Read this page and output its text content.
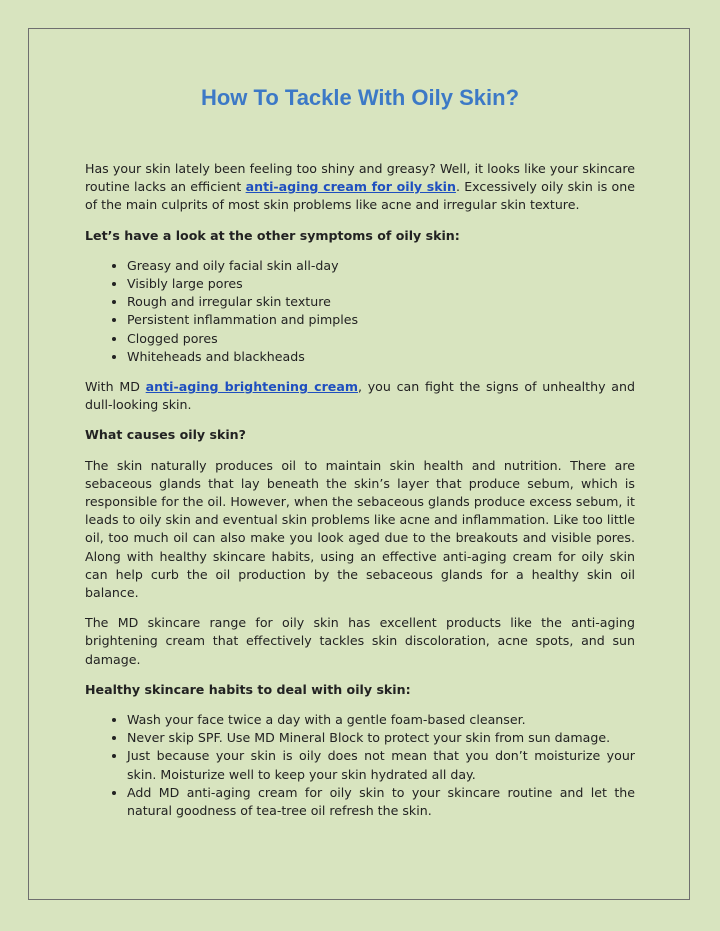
How To Tackle With Oily Skin?

Has your skin lately been feeling too shiny and greasy? Well, it looks like your skincare routine lacks an efficient anti-aging cream for oily skin. Excessively oily skin is one of the main culprits of most skin problems like acne and irregular skin texture.

Let’s have a look at the other symptoms of oily skin:

• Greasy and oily facial skin all-day
• Visibly large pores
• Rough and irregular skin texture
• Persistent inflammation and pimples
• Clogged pores
• Whiteheads and blackheads

With MD anti-aging brightening cream, you can fight the signs of unhealthy and dull-looking skin.

What causes oily skin?

The skin naturally produces oil to maintain skin health and nutrition. There are sebaceous glands that lay beneath the skin’s layer that produce sebum, which is responsible for the oil. However, when the sebaceous glands produce excess sebum, it leads to oily skin and eventual skin problems like acne and inflammation. Like too little oil, too much oil can also make you look aged due to the breakouts and visible pores. Along with healthy skincare habits, using an effective anti-aging cream for oily skin can help curb the oil production by the sebaceous glands for a healthy skin oil balance.

The MD skincare range for oily skin has excellent products like the anti-aging brightening cream that effectively tackles skin discoloration, acne spots, and sun damage.

Healthy skincare habits to deal with oily skin:

• Wash your face twice a day with a gentle foam-based cleanser.
• Never skip SPF. Use MD Mineral Block to protect your skin from sun damage.
• Just because your skin is oily does not mean that you don’t moisturize your skin. Moisturize well to keep your skin hydrated all day.
• Add MD anti-aging cream for oily skin to your skincare routine and let the natural goodness of tea-tree oil refresh the skin.
